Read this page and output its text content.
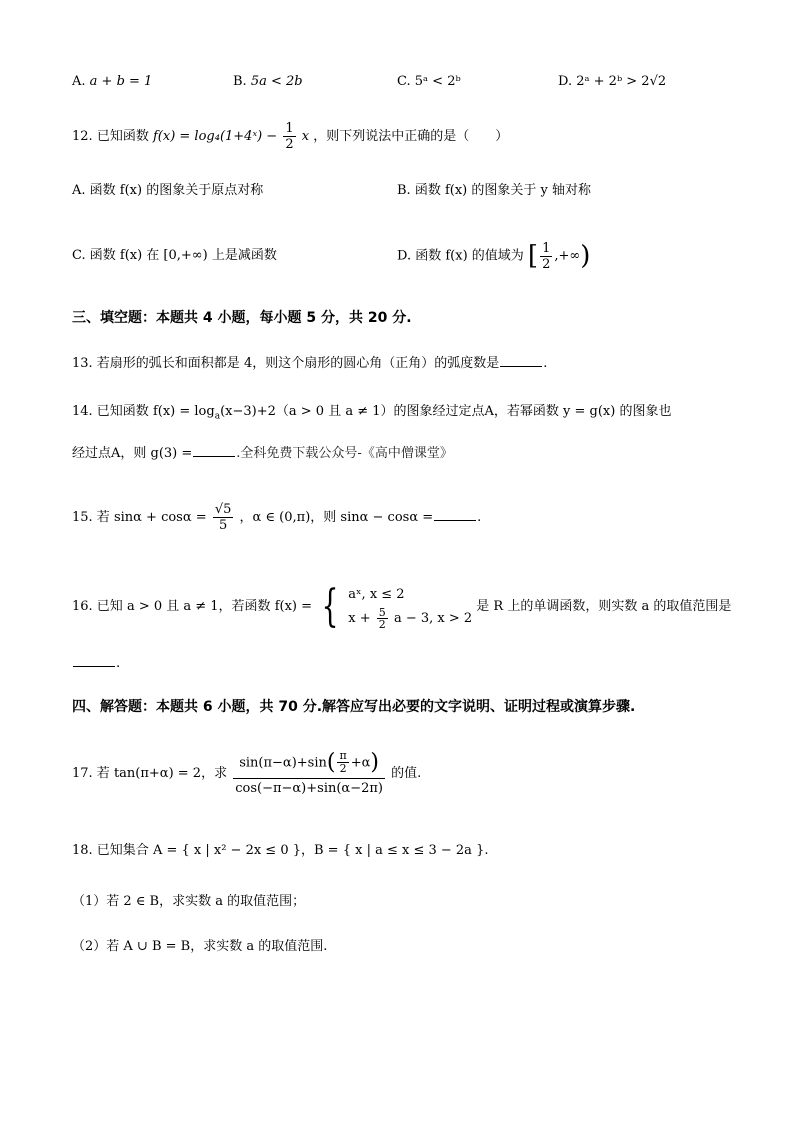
A. a + b = 1	B. 5a < 2b	C. 5ᵃ < 2ᵇ	D. 2ᵃ + 2ᵇ > 2√2
12. 已知函数 f(x) = log₄(1+4ˣ) − $\frac{1}{2}$ x ，则下列说法中正确的是（　　）
A. 函数 f(x) 的图象关于原点对称	B. 函数 f(x) 的图象关于 y 轴对称
C. 函数 f(x) 在 [0,+∞) 上是减函数	D. 函数 f(x) 的值域为 [ $\frac{1}{2}$ ,+∞)
三、填空题：本题共 4 小题，每小题 5 分，共 20 分.
13. 若扇形的弧长和面积都是 4，则这个扇形的圆心角（正角）的弧度数是	.
14. 已知函数 $f(x) = \log_a(x-3)+2(a > 0$ 且 a ≠ 1）的图象经过定点A，若幂函数 y = g(x) 的图象也
经过点A，则 g(3) =	.全科免费下载公众号-《高中僧课堂》
15. 若 $\sin\alpha + \cos\alpha = \frac{√5}{5}$ ，α ∈ (0,π)，则 sinα − cosα =	.
16. 已知 a > 0 且 a ≠ 1，若函数 f(x) = { aˣ, x ≤ 2
$x + \frac{5}{2}$ a − 3, x > 2
是 R 上的单调函数，则实数 a 的取值范围是
.
四、解答题：本题共 6 小题，共 70 分.解答应写出必要的文字说明、证明过程或演算步骤.
17. 若 tan(π+α) = 2，求 $\frac{\sin(\pi-\alpha)+\sin( \frac{\pi}{2} +\alpha)}{\cos(-\pi-\alpha)+\sin(\alpha-2\pi)}$ 的值.
18. 已知集合 A = { x | x² − 2x ≤ 0 }，B = { x | a ≤ x ≤ 3 − 2a }.
（1）若 2 ∈ B，求实数 a 的取值范围；
（2）若 A ∪ B = B，求实数 a 的取值范围.
